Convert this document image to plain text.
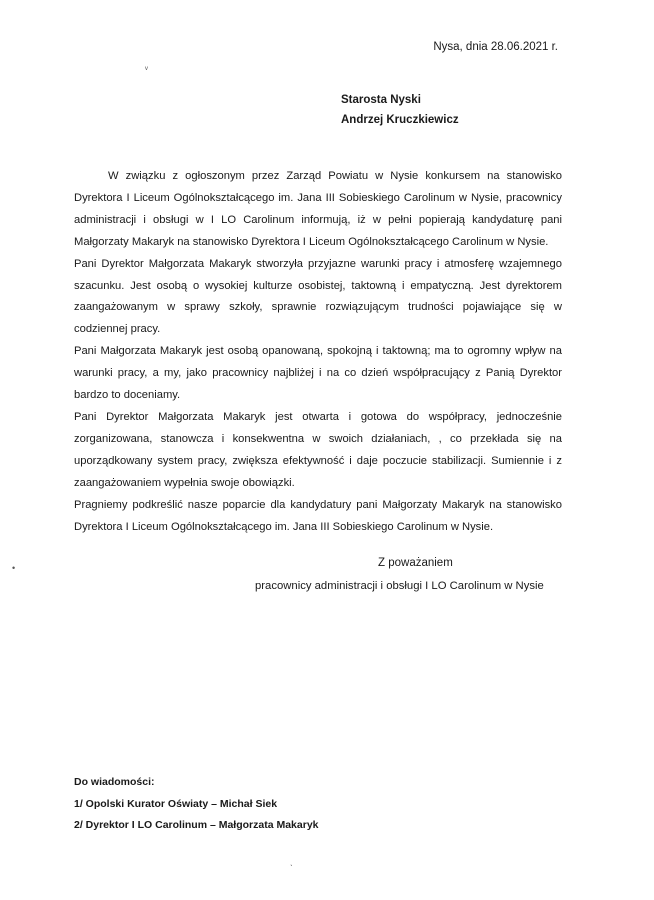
Nysa, dnia 28.06.2021 r.
Starosta Nyski
Andrzej Kruczkiewicz

W związku z ogłoszonym przez Zarząd Powiatu w Nysie konkursem na stanowisko Dyrektora I Liceum Ogólnokształcącego im. Jana III Sobieskiego Carolinum w Nysie, pracownicy administracji i obsługi w I LO Carolinum informują, iż w pełni popierają kandydaturę pani Małgorzaty Makaryk na stanowisko Dyrektora I Liceum Ogólnokształcącego Carolinum w Nysie.

Pani Dyrektor Małgorzata Makaryk stworzyła przyjazne warunki pracy i atmosferę wzajemnego szacunku. Jest osobą o wysokiej kulturze osobistej, taktowną i empatyczną. Jest dyrektorem zaangażowanym w sprawy szkoły, sprawnie rozwiązującym trudności pojawiające się w codziennej pracy.

Pani Małgorzata Makaryk jest osobą opanowaną, spokojną i taktowną; ma to ogromny wpływ na warunki pracy, a my, jako pracownicy najbliżej i na co dzień współpracujący z Panią Dyrektor bardzo to doceniamy.

Pani Dyrektor Małgorzata Makaryk jest otwarta i gotowa do współpracy, jednocześnie zorganizowana, stanowcza i konsekwentna w swoich działaniach, , co przekłada się na uporządkowany system pracy, zwiększa efektywność i daje poczucie stabilizacji. Sumiennie i z zaangażowaniem wypełnia swoje obowiązki.

Pragniemy podkreślić nasze poparcie dla kandydatury pani Małgorzaty Makaryk na stanowisko Dyrektora I Liceum Ogólnokształcącego im. Jana III Sobieskiego Carolinum w Nysie.

Z poważaniem
pracownicy administracji i obsługi I LO Carolinum w Nysie
Do wiadomości:
1/ Opolski Kurator Oświaty – Michał Siek
2/ Dyrektor I LO Carolinum – Małgorzata Makaryk
ᵛ
•
ˎ
